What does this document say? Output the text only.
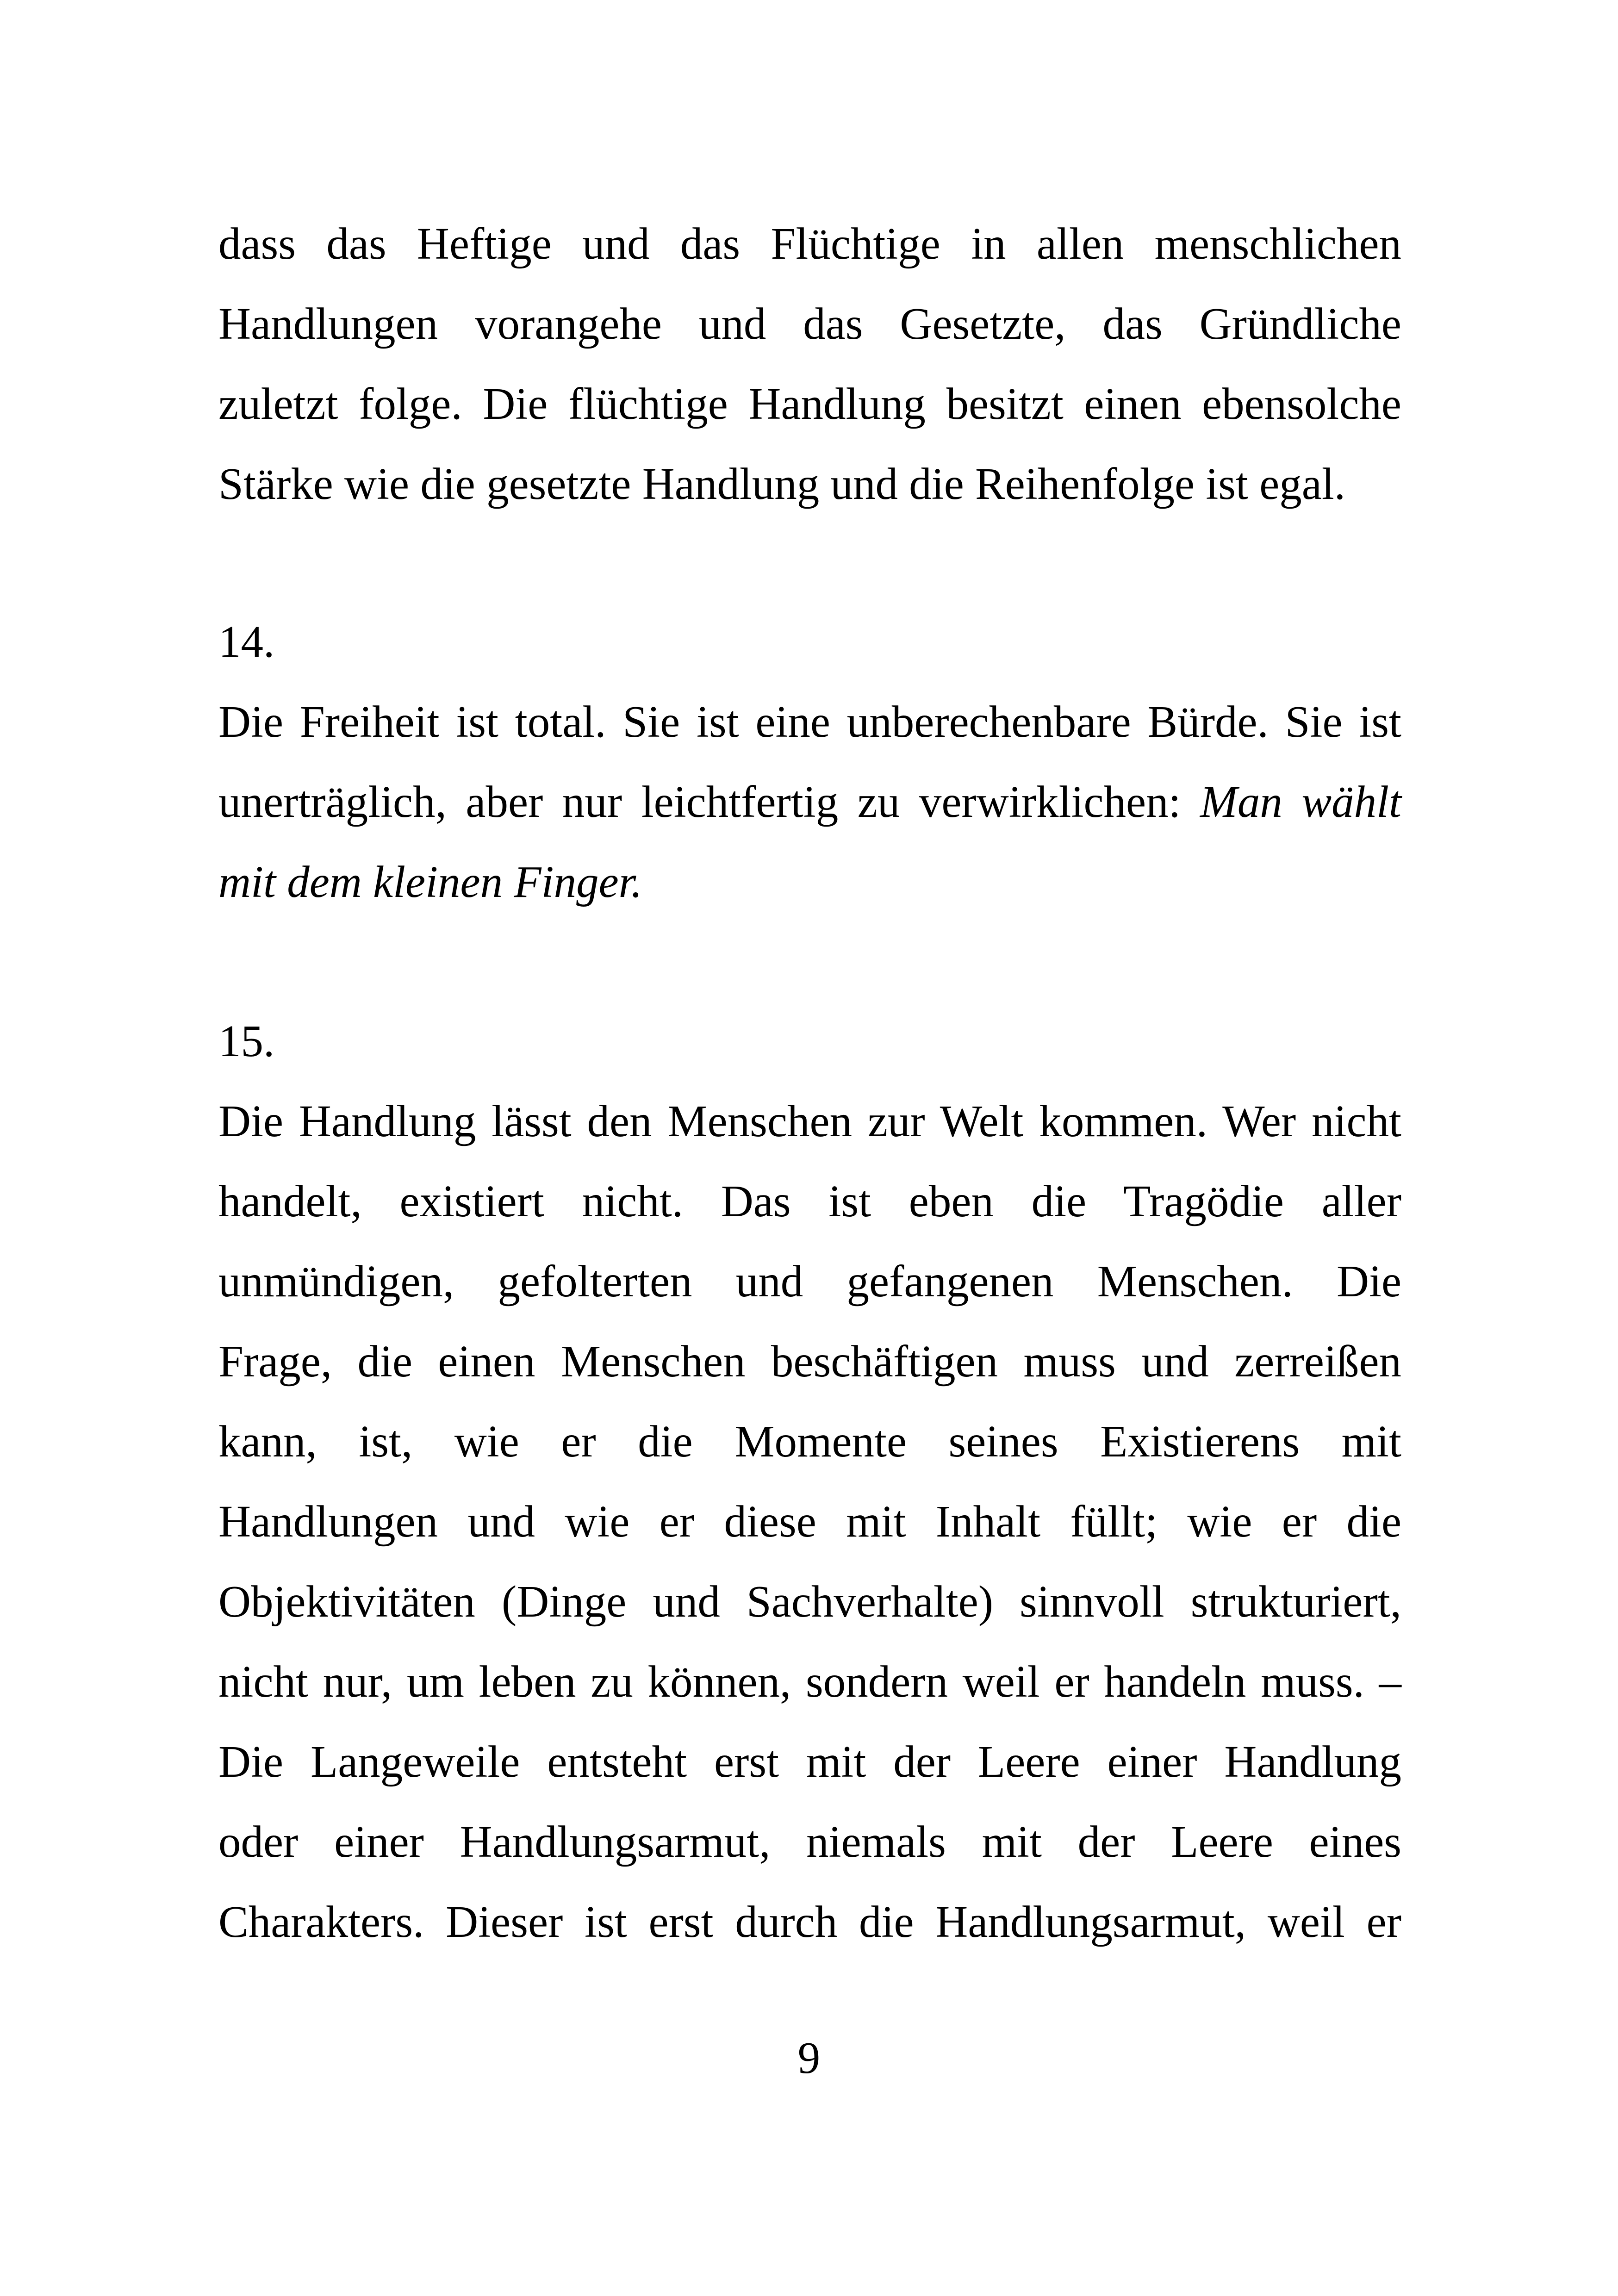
dass das Heftige und das Flüchtige in allen menschlichen
Handlungen vorangehe und das Gesetzte, das Gründliche
zuletzt folge. Die flüchtige Handlung besitzt einen ebensolche
Stärke wie die gesetzte Handlung und die Reihenfolge ist egal.
14.
Die Freiheit ist total. Sie ist eine unberechenbare Bürde. Sie ist
unerträglich, aber nur leichtfertig zu verwirklichen: Man wählt
mit dem kleinen Finger.
15.
Die Handlung lässt den Menschen zur Welt kommen. Wer nicht
handelt, existiert nicht. Das ist eben die Tragödie aller
unmündigen, gefolterten und gefangenen Menschen. Die
Frage, die einen Menschen beschäftigen muss und zerreißen
kann, ist, wie er die Momente seines Existierens mit
Handlungen und wie er diese mit Inhalt füllt; wie er die
Objektivitäten (Dinge und Sachverhalte) sinnvoll strukturiert,
nicht nur, um leben zu können, sondern weil er handeln muss. –
Die Langeweile entsteht erst mit der Leere einer Handlung
oder einer Handlungsarmut, niemals mit der Leere eines
Charakters. Dieser ist erst durch die Handlungsarmut, weil er
9
